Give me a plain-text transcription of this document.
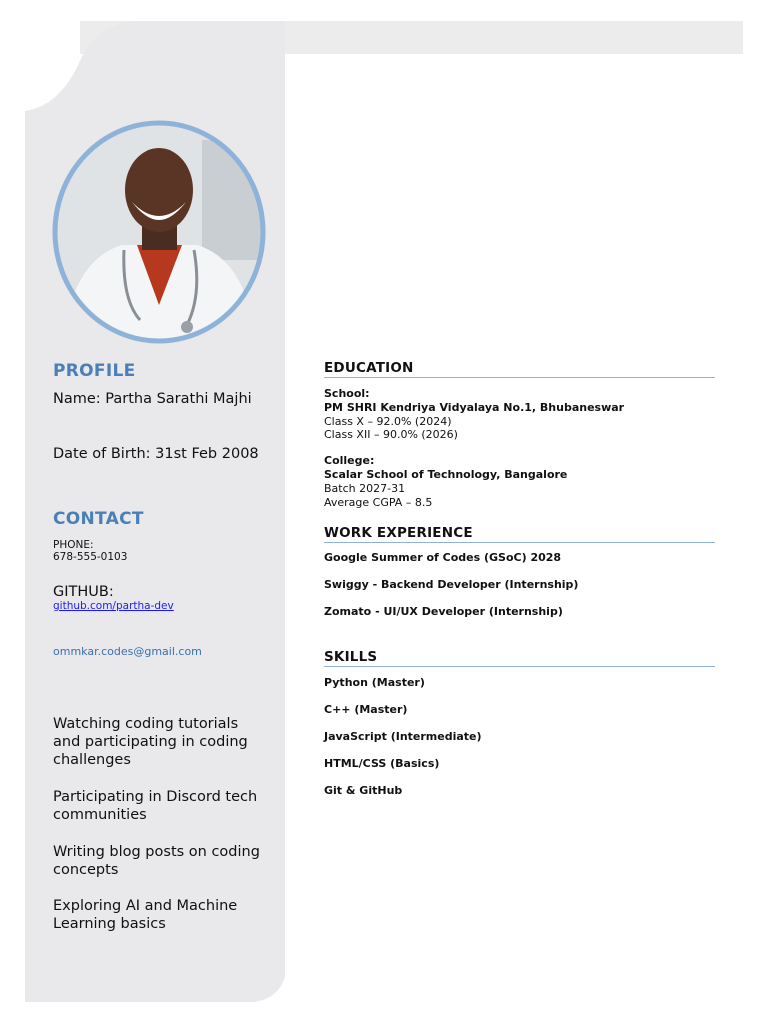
PROFILE
Name: Partha Sarathi Majhi
Date of Birth: 31st Feb 2008
CONTACT
PHONE:
678-555-0103
GITHUB:
github.com/partha-dev
ommkar.codes@gmail.com
Watching coding tutorials and participating in coding challenges
Participating in Discord tech communities
Writing blog posts on coding concepts
Exploring AI and Machine Learning basics
EDUCATION
School:
PM SHRI Kendriya Vidyalaya No.1, Bhubaneswar
Class X – 92.0% (2024)
Class XII – 90.0% (2026)
College:
Scalar School of Technology, Bangalore
Batch 2027-31
Average CGPA – 8.5
WORK EXPERIENCE
Google Summer of Codes (GSoC) 2028
Swiggy - Backend Developer (Internship)
Zomato - UI/UX Developer (Internship)
SKILLS
Python (Master)
C++ (Master)
JavaScript (Intermediate)
HTML/CSS (Basics)
Git & GitHub
